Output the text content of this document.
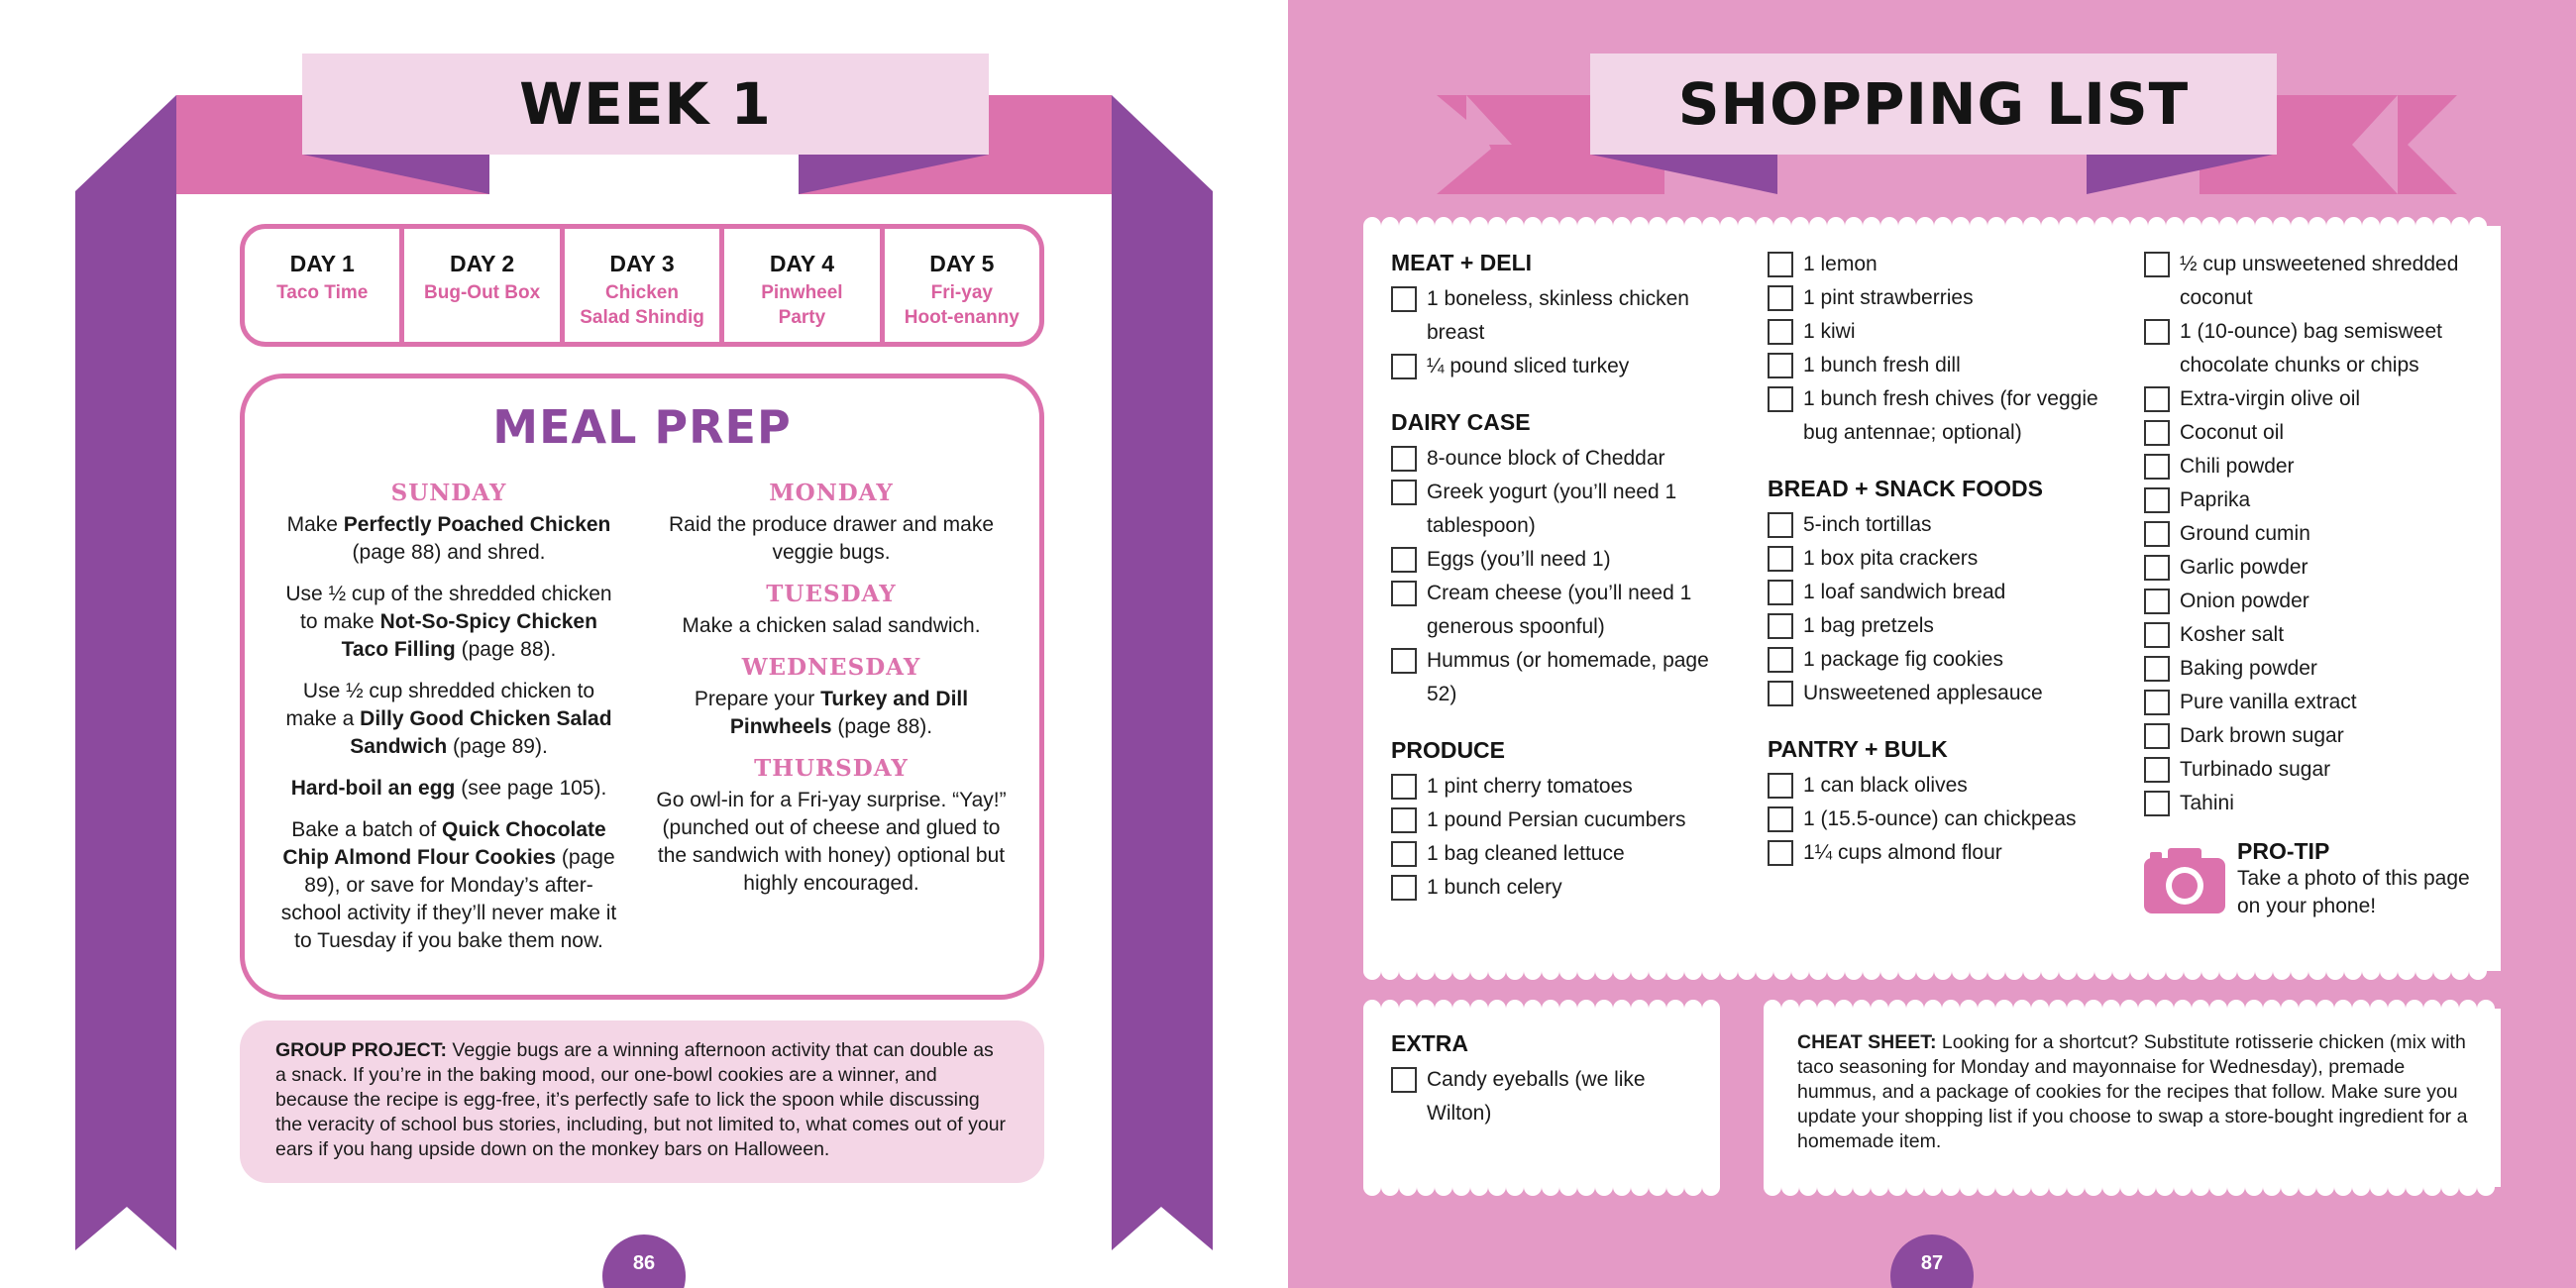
WEEK 1
DAY 1
Taco Time
DAY 2
Bug-Out Box
DAY 3
Chicken
Salad Shindig
DAY 4
Pinwheel
Party
DAY 5
Fri-yay
Hoot-enanny
MEAL PREP
SUNDAY

Make Perfectly Poached Chicken (page 88) and shred.

Use ½ cup of the shredded chicken to make Not-So-Spicy Chicken Taco Filling (page 88).

Use ½ cup shredded chicken to make a Dilly Good Chicken Salad Sandwich (page 89).

Hard-boil an egg (see page 105).

Bake a batch of Quick Chocolate Chip Almond Flour Cookies (page 89), or save for Monday’s after-school activity if they’ll never make it to Tuesday if you bake them now.

MONDAY

Raid the produce drawer and make veggie bugs.

TUESDAY

Make a chicken salad sandwich.

WEDNESDAY

Prepare your Turkey and Dill Pinwheels (page 88).

THURSDAY

Go owl-in for a Fri-yay surprise. “Yay!” (punched out of cheese and glued to the sandwich with honey) optional but highly encouraged.

GROUP PROJECT: Veggie bugs are a winning afternoon activity that can double as a snack. If you’re in the baking mood, our one-bowl cookies are a winner, and because the recipe is egg-free, it’s perfectly safe to lick the spoon while discussing the veracity of school bus stories, including, but not limited to, what comes out of your ears if you hang upside down on the monkey bars on Halloween.
86
SHOPPING LIST
MEAT + DELI
1 boneless, skinless chicken breast
¼ pound sliced turkey
DAIRY CASE
8-ounce block of Cheddar
Greek yogurt (you’ll need 1 tablespoon)
Eggs (you’ll need 1)
Cream cheese (you’ll need 1 generous spoonful)
Hummus (or homemade, page 52)
PRODUCE
1 pint cherry tomatoes
1 pound Persian cucumbers
1 bag cleaned lettuce
1 bunch celery
1 lemon
1 pint strawberries
1 kiwi
1 bunch fresh dill
1 bunch fresh chives (for veggie bug antennae; optional)
BREAD + SNACK FOODS
5-inch tortillas
1 box pita crackers
1 loaf sandwich bread
1 bag pretzels
1 package fig cookies
Unsweetened applesauce
PANTRY + BULK
1 can black olives
1 (15.5-ounce) can chickpeas
1¼ cups almond flour
½ cup unsweetened shredded coconut
1 (10-ounce) bag semisweet chocolate chunks or chips
Extra-virgin olive oil
Coconut oil
Chili powder
Paprika
Ground cumin
Garlic powder
Onion powder
Kosher salt
Baking powder
Pure vanilla extract
Dark brown sugar
Turbinado sugar
Tahini
PRO-TIP
Take a photo of this page on your phone!
EXTRA
Candy eyeballs (we like Wilton)
CHEAT SHEET: Looking for a shortcut? Substitute rotisserie chicken (mix with taco seasoning for Monday and mayonnaise for Wednesday), premade hummus, and a package of cookies for the recipes that follow. Make sure you update your shopping list if you choose to swap a store-bought ingredient for a homemade item.
87
